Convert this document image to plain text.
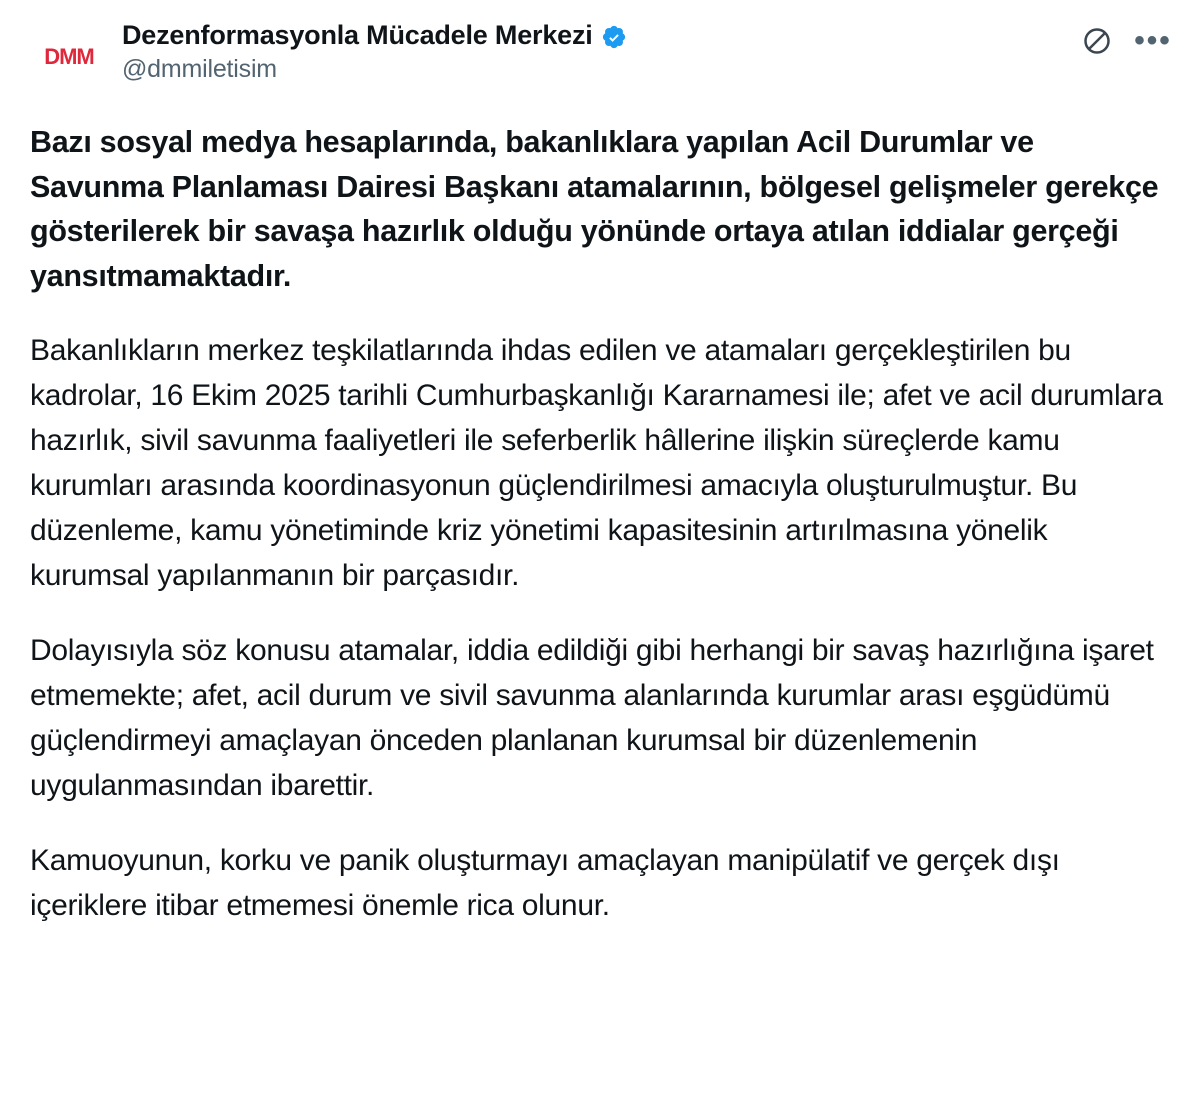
DMM
Dezenformasyonla Mücadele Merkezi
@dmmiletisim
•••

Bazı sosyal medya hesaplarında, bakanlıklara yapılan Acil Durumlar ve Savunma Planlaması Dairesi Başkanı atamalarının, bölgesel gelişmeler gerekçe gösterilerek bir savaşa hazırlık olduğu yönünde ortaya atılan iddialar gerçeği yansıtmamaktadır.

Bakanlıkların merkez teşkilatlarında ihdas edilen ve atamaları gerçekleştirilen bu kadrolar, 16 Ekim 2025 tarihli Cumhurbaşkanlığı Kararnamesi ile; afet ve acil durumlara hazırlık, sivil savunma faaliyetleri ile seferberlik hâllerine ilişkin süreçlerde kamu kurumları arasında koordinasyonun güçlendirilmesi amacıyla oluşturulmuştur. Bu düzenleme, kamu yönetiminde kriz yönetimi kapasitesinin artırılmasına yönelik kurumsal yapılanmanın bir parçasıdır.

Dolayısıyla söz konusu atamalar, iddia edildiği gibi herhangi bir savaş hazırlığına işaret etmemekte; afet, acil durum ve sivil savunma alanlarında kurumlar arası eşgüdümü güçlendirmeyi amaçlayan önceden planlanan kurumsal bir düzenlemenin uygulanmasından ibarettir.

Kamuoyunun, korku ve panik oluşturmayı amaçlayan manipülatif ve gerçek dışı içeriklere itibar etmemesi önemle rica olunur.
